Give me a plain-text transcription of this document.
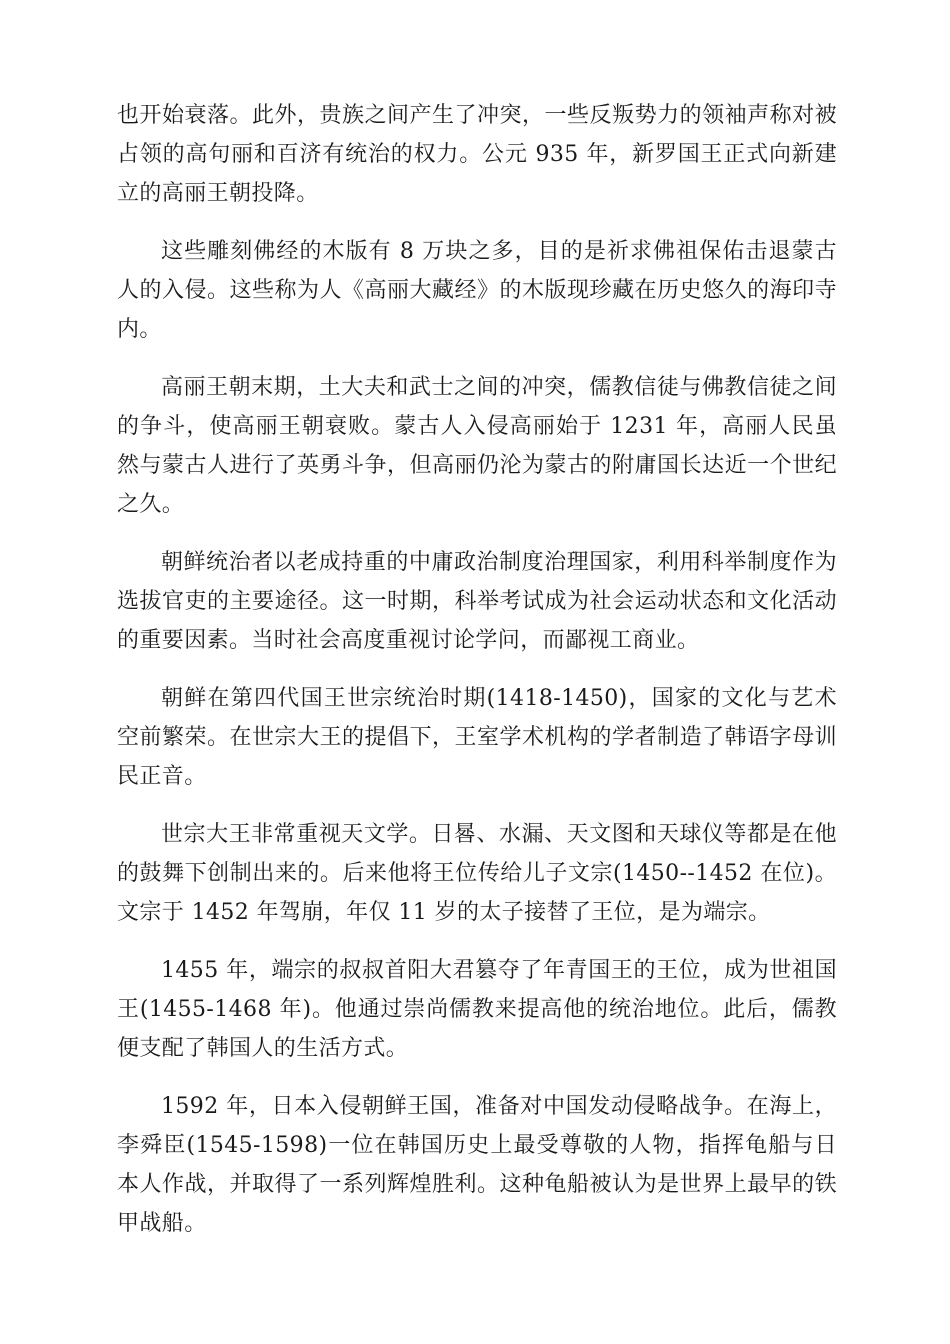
也开始衰落。此外，贵族之间产生了冲突，一些反叛势力的领袖声称对被占领的高句丽和百济有统治的权力。公元 935 年，新罗国王正式向新建立的高丽王朝投降。

这些雕刻佛经的木版有 8 万块之多，目的是祈求佛祖保佑击退蒙古人的入侵。这些称为人《高丽大藏经》的木版现珍藏在历史悠久的海印寺内。

高丽王朝末期，土大夫和武士之间的冲突，儒教信徒与佛教信徒之间的争斗，使高丽王朝衰败。蒙古人入侵高丽始于 1231 年，高丽人民虽然与蒙古人进行了英勇斗争，但高丽仍沦为蒙古的附庸国长达近一个世纪之久。

朝鲜统治者以老成持重的中庸政治制度治理国家，利用科举制度作为选拔官吏的主要途径。这一时期，科举考试成为社会运动状态和文化活动的重要因素。当时社会高度重视讨论学问，而鄙视工商业。

朝鲜在第四代国王世宗统治时期(1418-1450)，国家的文化与艺术空前繁荣。在世宗大王的提倡下，王室学术机构的学者制造了韩语字母训民正音。

世宗大王非常重视天文学。日晷、水漏、天文图和天球仪等都是在他的鼓舞下创制出来的。后来他将王位传给儿子文宗(1450--1452 在位)。文宗于 1452 年驾崩，年仅 11 岁的太子接替了王位，是为端宗。

1455 年，端宗的叔叔首阳大君篡夺了年青国王的王位，成为世祖国王(1455-1468 年)。他通过崇尚儒教来提高他的统治地位。此后，儒教便支配了韩国人的生活方式。

1592 年，日本入侵朝鲜王国，准备对中国发动侵略战争。在海上，李舜臣(1545-1598)一位在韩国历史上最受尊敬的人物，指挥龟船与日本人作战，并取得了一系列辉煌胜利。这种龟船被认为是世界上最早的铁甲战船。
